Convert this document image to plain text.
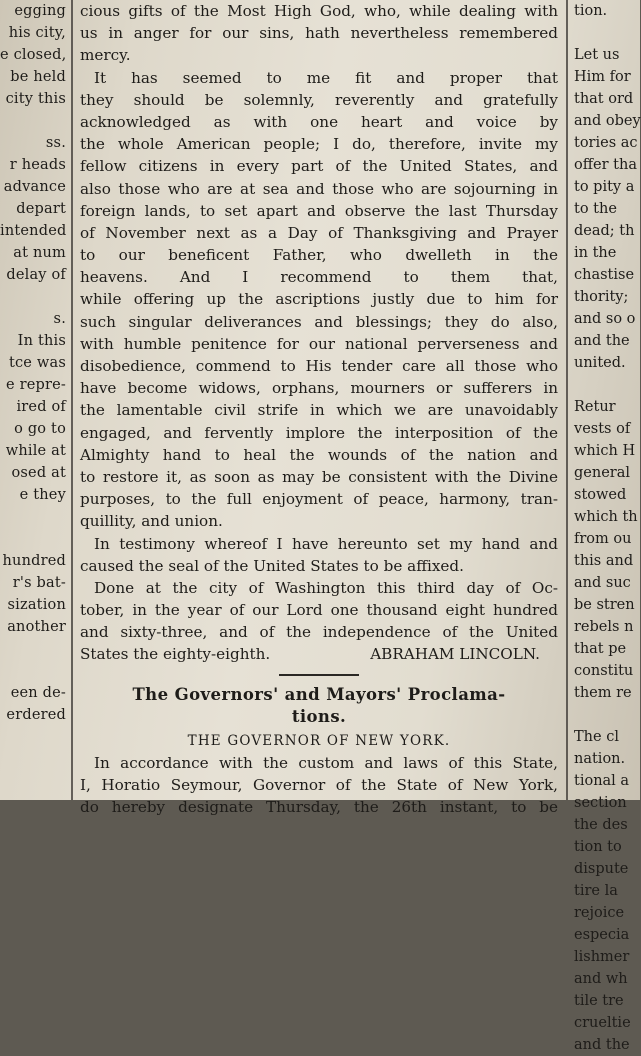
egging
his city,
e closed,
be held
city this

ss.
r heads
advance
depart
intended
at num
delay of

s.
In this
tce was
e repre-
ired of
o go to
while at
osed at
e they

hundred
r's bat-
sization
another

een de-
erdered

cious gifts of the Most High God, who, while dealing with
us in anger for our sins, hath nevertheless remembered
mercy.
It has seemed to me fit and proper that
they should be solemnly, reverently and gratefully
acknowledged as with one heart and voice by
the whole American people; I do, therefore, invite my
fellow citizens in every part of the United States, and
also those who are at sea and those who are sojourning in
foreign lands, to set apart and observe the last Thursday
of November next as a Day of Thanksgiving and Prayer
to our beneficent Father, who dwelleth in the
heavens. And I recommend to them that,
while offering up the ascriptions justly due to him for
such singular deliverances and blessings; they do also,
with humble penitence for our national perverseness and
disobedience, commend to His tender care all those who
have become widows, orphans, mourners or sufferers in
the lamentable civil strife in which we are unavoidably
engaged, and fervently implore the interposition of the
Almighty hand to heal the wounds of the nation and
to restore it, as soon as may be consistent with the Divine
purposes, to the full enjoyment of peace, harmony, tran-
quillity, and union.
In testimony whereof I have hereunto set my hand and
caused the seal of the United States to be affixed.
Done at the city of Washington this third day of Oc-
tober, in the year of our Lord one thousand eight hundred
and sixty-three, and of the independence of the United
States the eighty-eighth.	ABRAHAM LINCOLN.
The Governors' and Mayors' Proclama-
tions.
THE GOVERNOR OF NEW YORK.
In accordance with the custom and laws of this State,
I, Horatio Seymour, Governor of the State of New York,
do hereby designate Thursday, the 26th instant, to be
tion.

Let us
Him for
that ord
and obey
tories ac
offer tha
to pity a
to the
dead; th
in the
chastise
thority;
and so o
and the
united.

Retur
vests of
which H
general
stowed
which th
from ou
this and
and suc
be stren
rebels n
that pe
constitu
them re

The cl
nation.
tional a
section
the des
tion to
dispute
tire la
rejoice
especia
lishmer
and wh
tile tre
crueltie
and the
